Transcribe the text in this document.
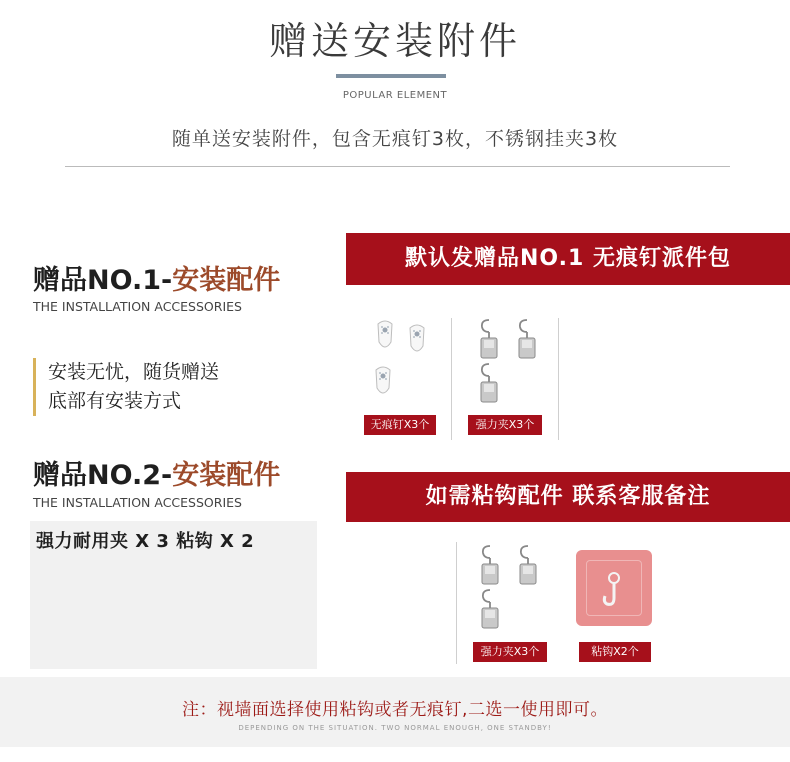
赠送安装附件
POPULAR ELEMENT
随单送安装附件，包含无痕钉3枚，不锈钢挂夹3枚
赠品NO.1-安装配件
THE INSTALLATION ACCESSORIES
安装无忧，随货赠送
底部有安装方式
赠品NO.2-安装配件
THE INSTALLATION ACCESSORIES
强力耐用夹 X 3 粘钩 X 2
默认发赠品NO.1 无痕钉派件包
无痕钉X3个	强力夹X3个
如需粘钩配件 联系客服备注
强力夹X3个	粘钩X2个
注：视墙面选择使用粘钩或者无痕钉,二选一使用即可。
DEPENDING ON THE SITUATION. TWO NORMAL ENOUGH, ONE STANDBY!
